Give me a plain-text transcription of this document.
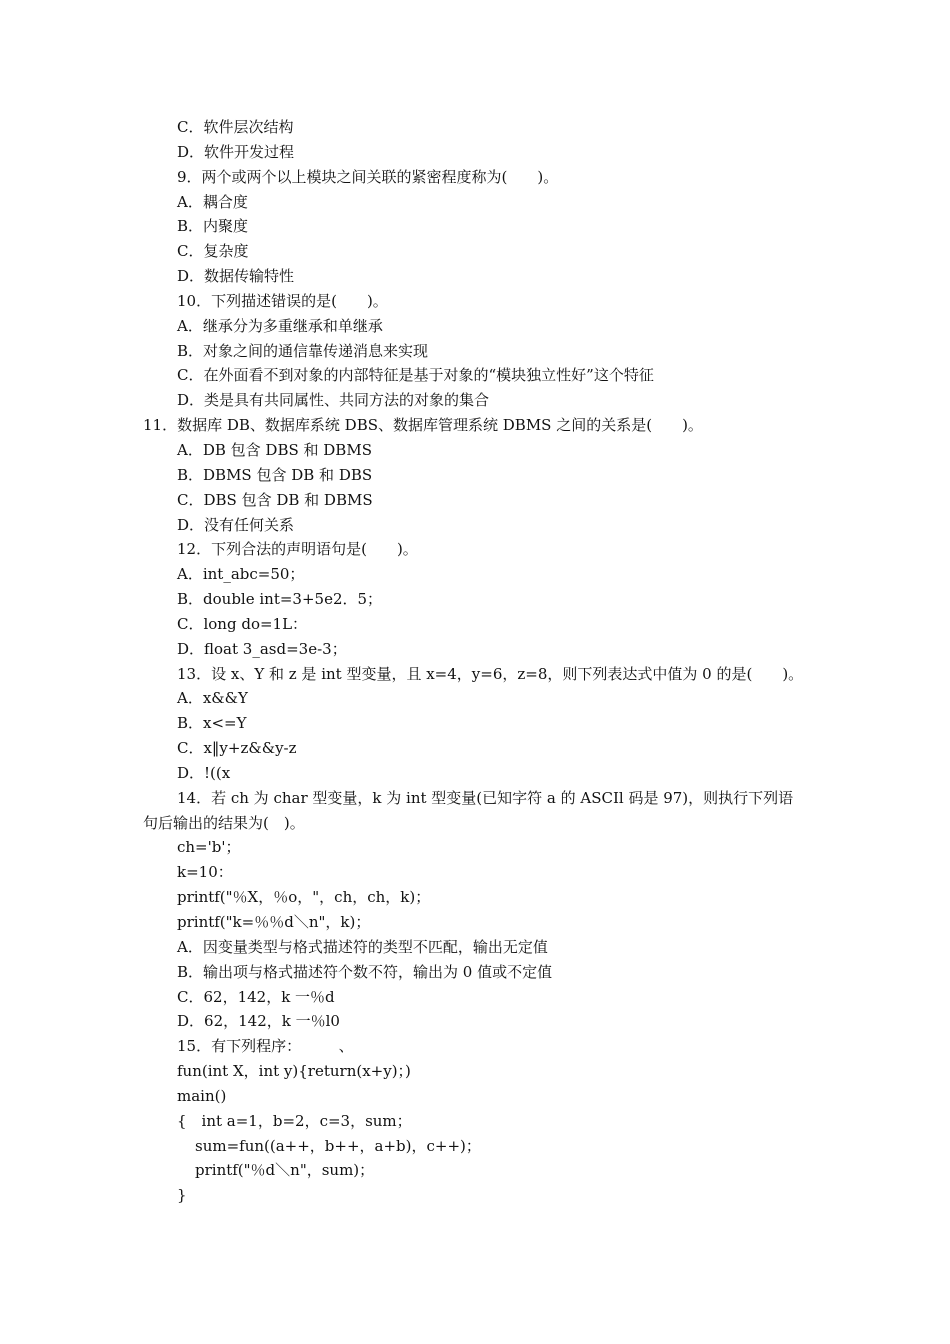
C．软件层次结构
D．软件开发过程
9．两个或两个以上模块之间关联的紧密程度称为(　　)。
A．耦合度
B．内聚度
C．复杂度
D．数据传输特性
10．下列描述错误的是(　　)。
A．继承分为多重继承和单继承
B．对象之间的通信靠传递消息来实现
C．在外面看不到对象的内部特征是基于对象的“模块独立性好”这个特征
D．类是具有共同属性、共同方法的对象的集合
11．数据库 DB、数据库系统 DBS、数据库管理系统 DBMS 之间的关系是(　　)。
A．DB 包含 DBS 和 DBMS
B．DBMS 包含 DB 和 DBS
C．DBS 包含 DB 和 DBMS
D．没有任何关系
12．下列合法的声明语句是(　　)。
A．int_abc=50；
B．double int=3+5e2．5；
C．long do=1L：
D．float 3_asd=3e-3；
13．设 x、Y 和 z 是 int 型变量，且 x=4，y=6，z=8，则下列表达式中值为 0 的是(　　)。
A．x&&Y
B．x<=Y
C．x‖y+z&&y-z
D．!((x
14．若 ch 为 char 型变量，k 为 int 型变量(已知字符 a 的 ASCIl 码是 97)，则执行下列语
句后输出的结果为(　)。
ch='b'；
k=10：
printf("％X，％o，"，ch，ch，k)；
printf("k=％％d＼n"，k)；
A．因变量类型与格式描述符的类型不匹配，输出无定值
B．输出项与格式描述符个数不符，输出为 0 值或不定值
C．62，142，k 一％d
D．62，142，k 一％l0
15．有下列程序：　　　、
fun(int X，int y){return(x+y)；)
main()
{　int a=1，b=2，c=3，sum；
sum=fun((a++，b++，a+b)，c++)；
printf("％d＼n"，sum)；
}
